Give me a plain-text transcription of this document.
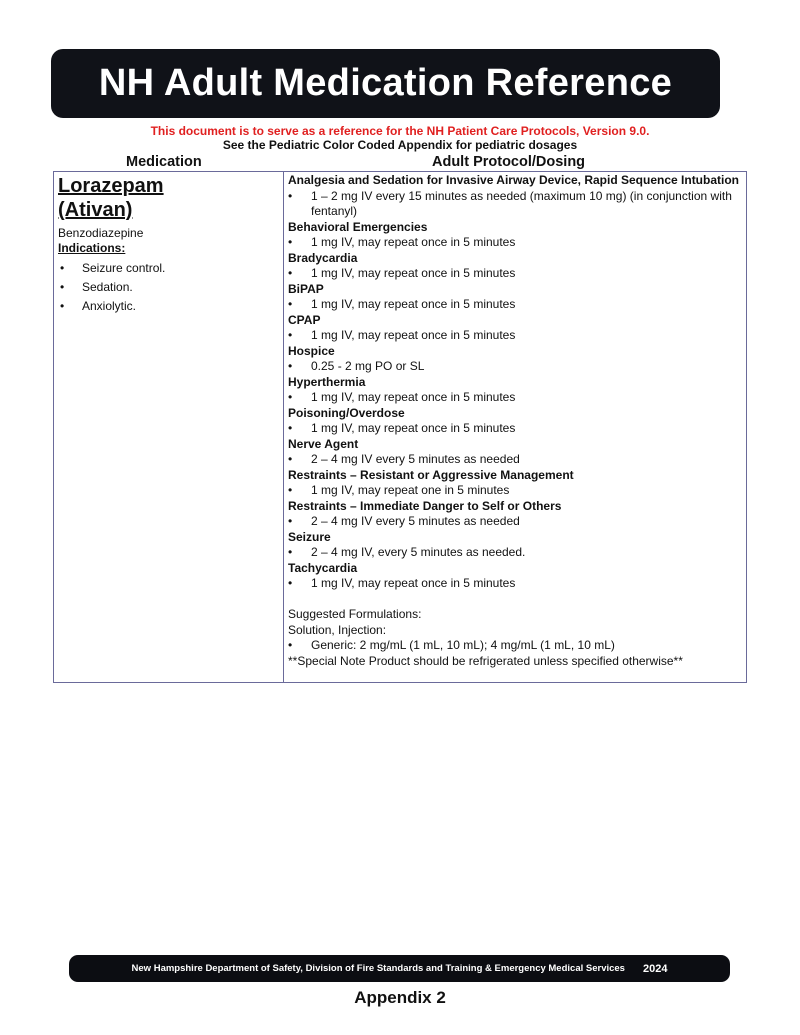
NH Adult Medication Reference
This document is to serve as a reference for the NH Patient Care Protocols, Version 9.0.
See the Pediatric Color Coded Appendix for pediatric dosages
Medication	Adult Protocol/Dosing
Lorazepam
(Ativan)
Benzodiazepine
Indications:
• Seizure control.
• Sedation.
• Anxiolytic.
Analgesia and Sedation for Invasive Airway Device, Rapid Sequence Intubation
• 1 – 2 mg IV every 15 minutes as needed (maximum 10 mg) (in conjunction with fentanyl)
Behavioral Emergencies
• 1 mg IV, may repeat once in 5 minutes
Bradycardia
• 1 mg IV, may repeat once in 5 minutes
BiPAP
• 1 mg IV, may repeat once in 5 minutes
CPAP
• 1 mg IV, may repeat once in 5 minutes
Hospice
• 0.25 - 2 mg PO or SL
Hyperthermia
• 1 mg IV, may repeat once in 5 minutes
Poisoning/Overdose
• 1 mg IV, may repeat once in 5 minutes
Nerve Agent
• 2 – 4 mg IV every 5 minutes as needed
Restraints – Resistant or Aggressive Management
• 1 mg IV, may repeat one in 5 minutes
Restraints – Immediate Danger to Self or Others
• 2 – 4 mg IV every 5 minutes as needed
Seizure
• 2 – 4 mg IV, every 5 minutes as needed.
Tachycardia
• 1 mg IV, may repeat once in 5 minutes
Suggested Formulations:
Solution, Injection:
• Generic: 2 mg/mL (1 mL, 10 mL); 4 mg/mL (1 mL, 10 mL)
**Special Note Product should be refrigerated unless specified otherwise**
New Hampshire Department of Safety, Division of Fire Standards and Training & Emergency Medical Services 2024
Appendix 2
